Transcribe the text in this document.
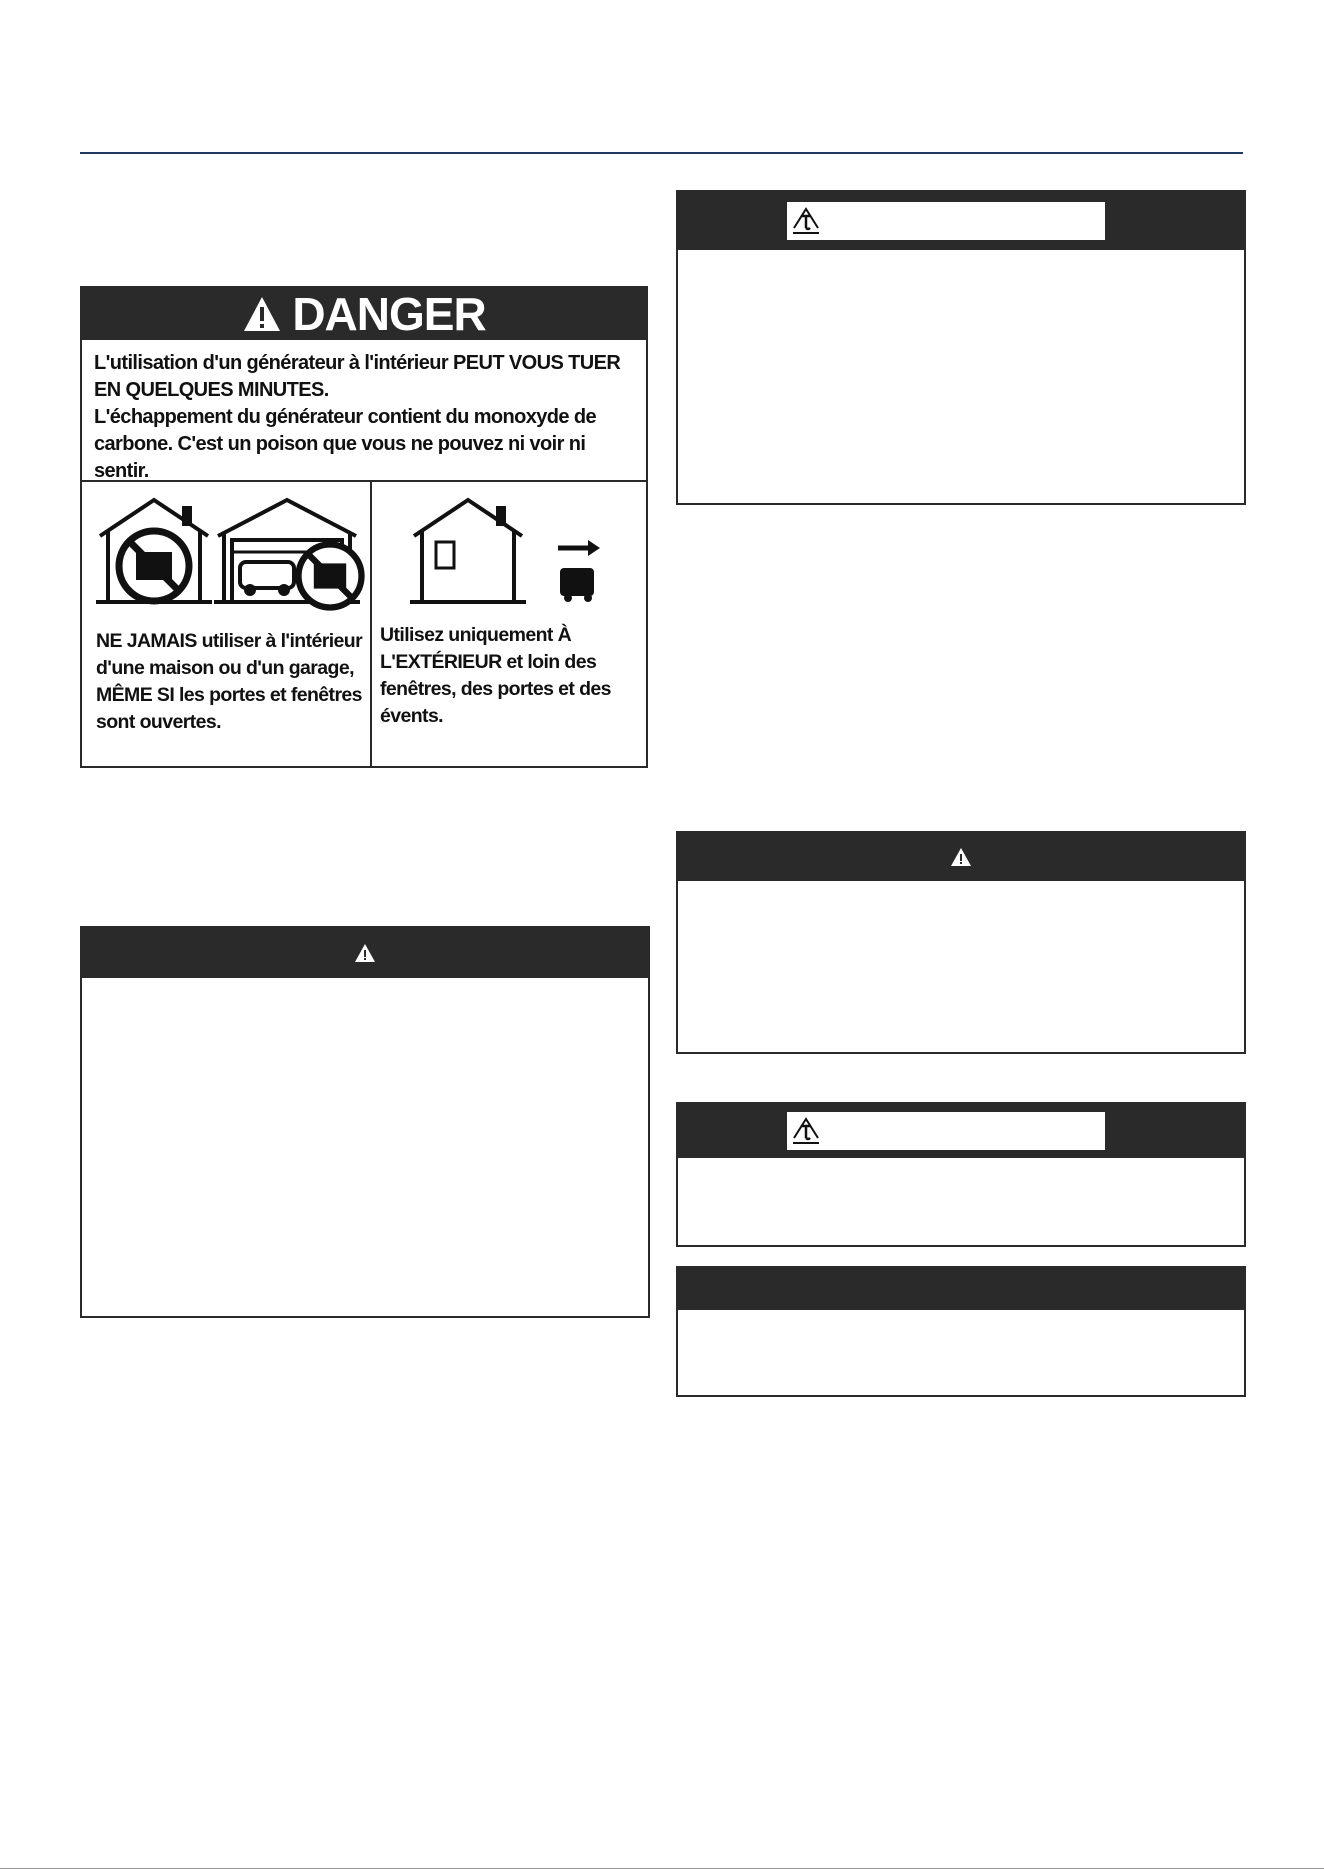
DANGER

L'utilisation d'un générateur à l'intérieur PEUT VOUS TUER EN QUELQUES MINUTES.

L'échappement du générateur contient du monoxyde de carbone. C'est un poison que vous ne pouvez ni voir ni sentir.

NE JAMAIS utiliser à l'intérieur d'une maison ou d'un garage, MÊME SI les portes et fenêtres sont ouvertes.
Utilisez uniquement À L'EXTÉRIEUR et loin des fenêtres, des portes et des évents.
